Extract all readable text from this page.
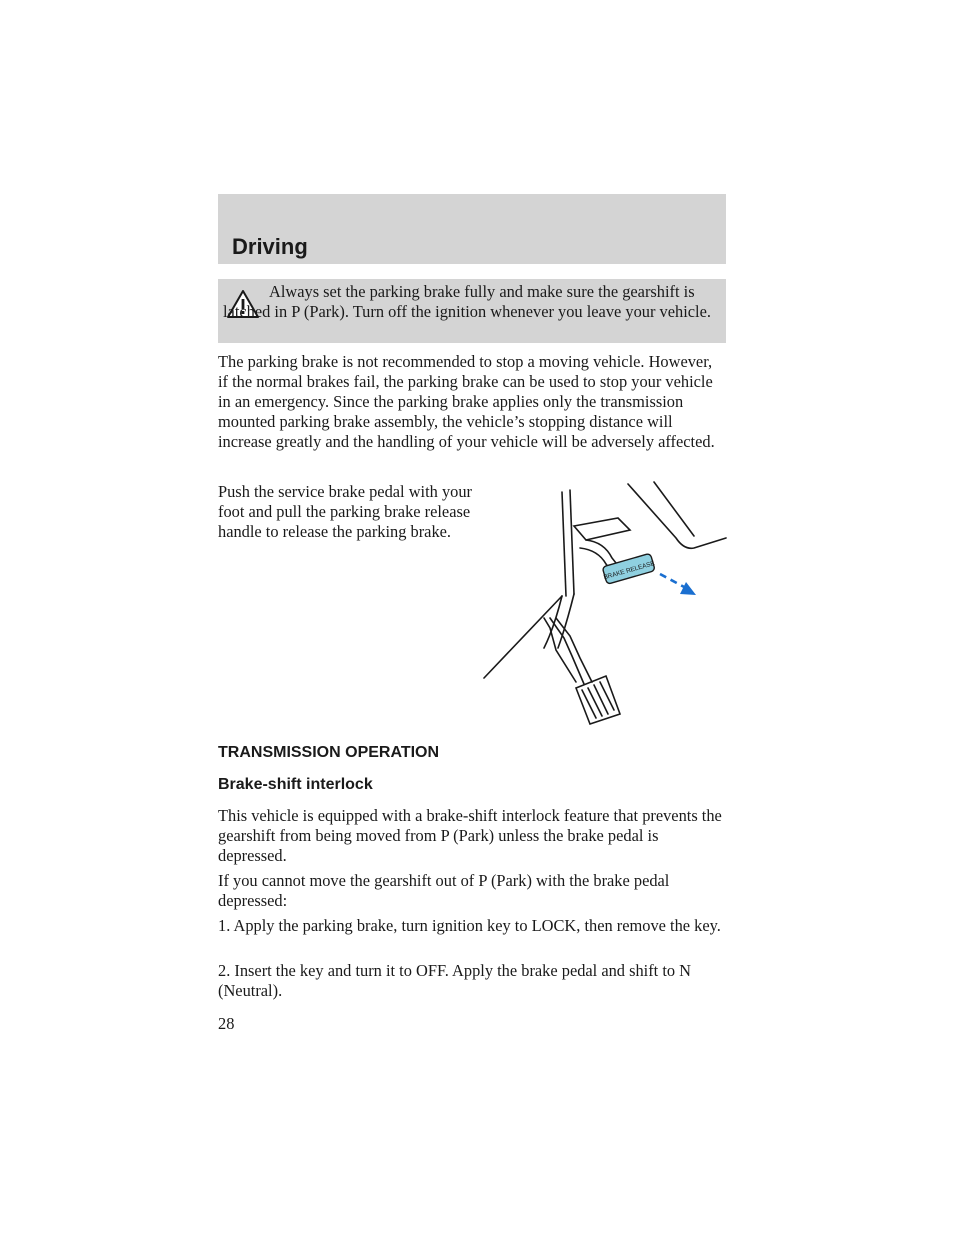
Driving
Always set the parking brake fully and make sure the gearshift is latched in P (Park). Turn off the ignition whenever you leave your vehicle.

The parking brake is not recommended to stop a moving vehicle. However, if the normal brakes fail, the parking brake can be used to stop your vehicle in an emergency. Since the parking brake applies only the transmission mounted parking brake assembly, the vehicle’s stopping distance will increase greatly and the handling of your vehicle will be adversely affected.

Push the service brake pedal with your foot and pull the parking brake release handle to release the parking brake.

BRAKE RELEASE
TRANSMISSION OPERATION
Brake-shift interlock

This vehicle is equipped with a brake-shift interlock feature that prevents the gearshift from being moved from P (Park) unless the brake pedal is depressed.

If you cannot move the gearshift out of P (Park) with the brake pedal depressed:

1. Apply the parking brake, turn ignition key to LOCK, then remove the key.

2. Insert the key and turn it to OFF. Apply the brake pedal and shift to N (Neutral).

28
